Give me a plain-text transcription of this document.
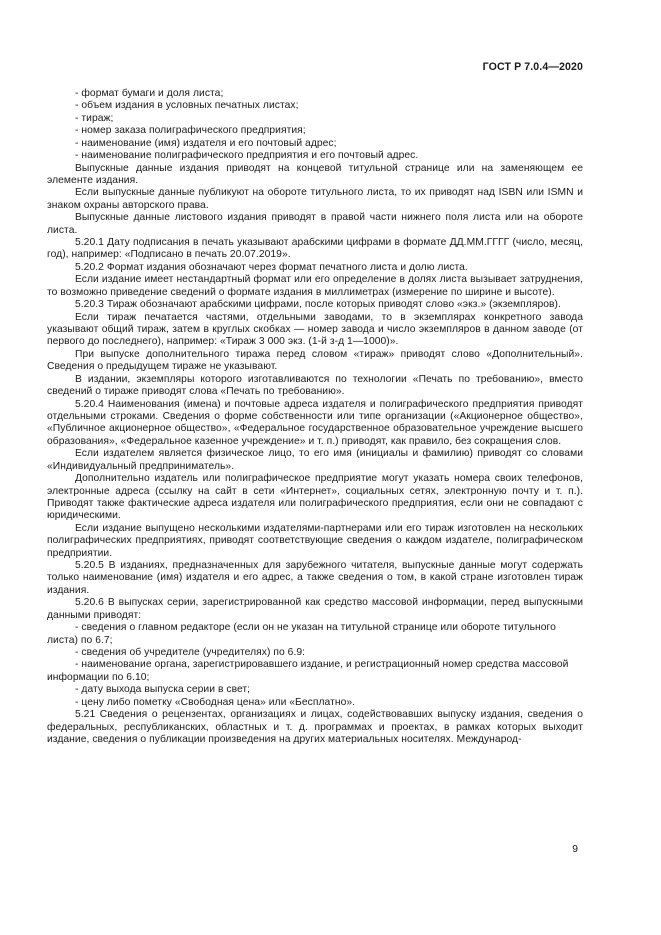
ГОСТ Р 7.0.4—2020

- формат бумаги и доля листа;

- объем издания в условных печатных листах;

- тираж;

- номер заказа полиграфического предприятия;

- наименование (имя) издателя и его почтовый адрес;

- наименование полиграфического предприятия и его почтовый адрес.

Выпускные данные издания приводят на концевой титульной странице или на заменяющем ее элементе издания.

Если выпускные данные публикуют на обороте титульного листа, то их приводят над ISBN или ISMN и знаком охраны авторского права.

Выпускные данные листового издания приводят в правой части нижнего поля листа или на обороте листа.

5.20.1 Дату подписания в печать указывают арабскими цифрами в формате ДД.ММ.ГГГГ (число, месяц, год), например: «Подписано в печать 20.07.2019».

5.20.2 Формат издания обозначают через формат печатного листа и долю листа.

Если издание имеет нестандартный формат или его определение в долях листа вызывает затруднения, то возможно приведение сведений о формате издания в миллиметрах (измерение по ширине и высоте).

5.20.3 Тираж обозначают арабскими цифрами, после которых приводят слово «экз.» (экземпляров).

Если тираж печатается частями, отдельными заводами, то в экземплярах конкретного завода указывают общий тираж, затем в круглых скобках — номер завода и число экземпляров в данном заводе (от первого до последнего), например: «Тираж 3 000 экз. (1-й з-д 1—1000)».

При выпуске дополнительного тиража перед словом «тираж» приводят слово «Дополнительный». Сведения о предыдущем тираже не указывают.

В издании, экземпляры которого изготавливаются по технологии «Печать по требованию», вместо сведений о тираже приводят слова «Печать по требованию».

5.20.4 Наименования (имена) и почтовые адреса издателя и полиграфического предприятия приводят отдельными строками. Сведения о форме собственности или типе организации («Акционерное общество», «Публичное акционерное общество», «Федеральное государственное образовательное учреждение высшего образования», «Федеральное казенное учреждение» и т. п.) приводят, как правило, без сокращения слов.

Если издателем является физическое лицо, то его имя (инициалы и фамилию) приводят со словами «Индивидуальный предприниматель».

Дополнительно издатель или полиграфическое предприятие могут указать номера своих телефонов, электронные адреса (ссылку на сайт в сети «Интернет», социальных сетях, электронную почту и т. п.). Приводят также фактические адреса издателя или полиграфического предприятия, если они не совпадают с юридическими.

Если издание выпущено несколькими издателями-партнерами или его тираж изготовлен на нескольких полиграфических предприятиях, приводят соответствующие сведения о каждом издателе, полиграфическом предприятии.

5.20.5 В изданиях, предназначенных для зарубежного читателя, выпускные данные могут содержать только наименование (имя) издателя и его адрес, а также сведения о том, в какой стране изготовлен тираж издания.

5.20.6 В выпусках серии, зарегистрированной как средство массовой информации, перед выпускными данными приводят:

- сведения о главном редакторе (если он не указан на титульной странице или обороте титульного листа) по 6.7;

- сведения об учредителе (учредителях) по 6.9:

- наименование органа, зарегистрировавшего издание, и регистрационный номер средства массовой информации по 6.10;

- дату выхода выпуска серии в свет;

- цену либо пометку «Свободная цена» или «Бесплатно».

5.21 Сведения о рецензентах, организациях и лицах, содействовавших выпуску издания, сведения о федеральных, республиканских, областных и т. д. программах и проектах, в рамках которых выходит издание, сведения о публикации произведения на других материальных носителях. Международ-

9
